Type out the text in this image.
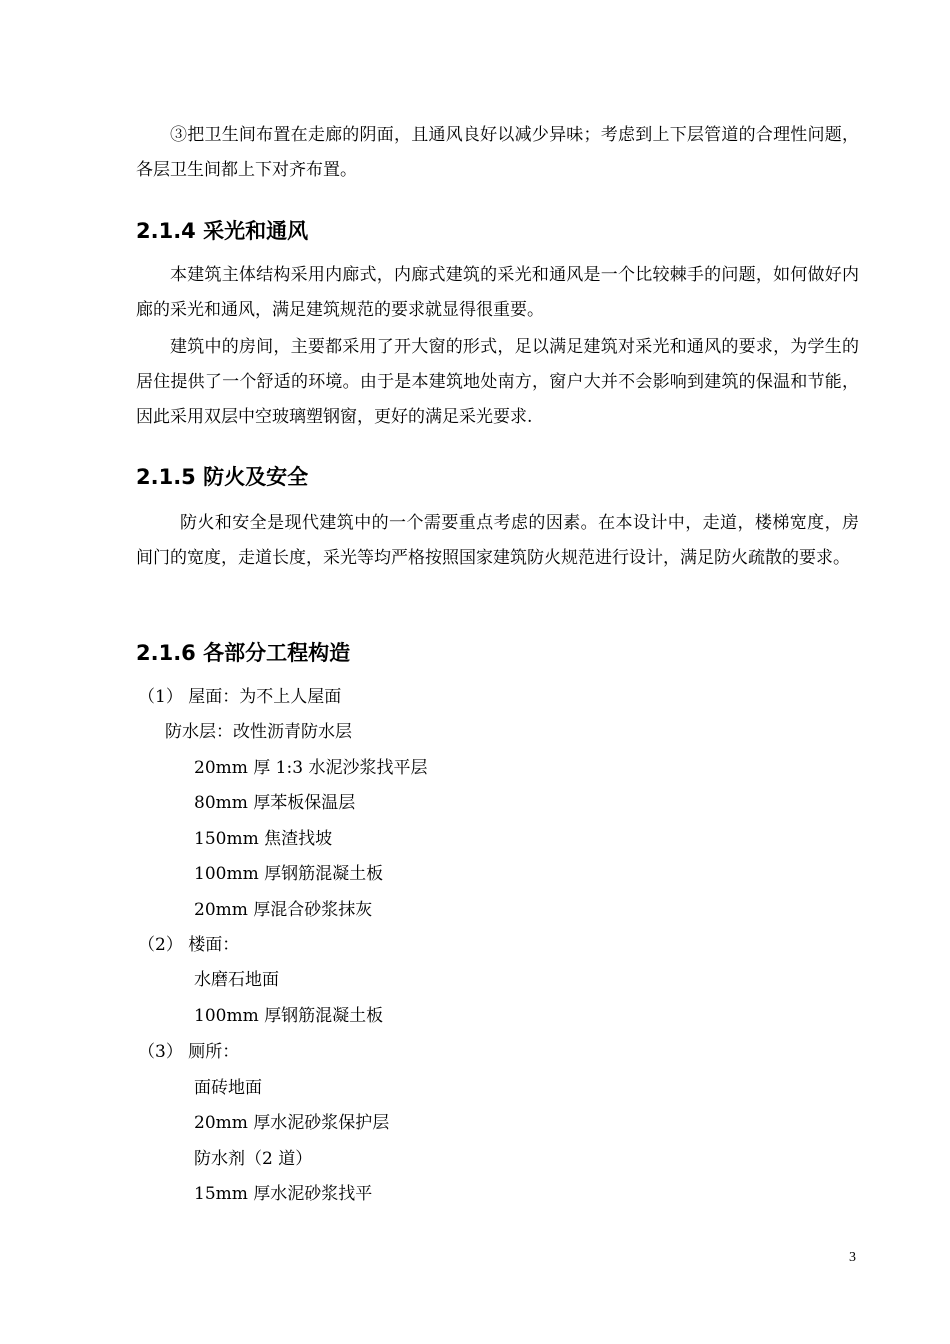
③把卫生间布置在走廊的阴面，且通风良好以减少异味；考虑到上下层管道的合理性问题，各层卫生间都上下对齐布置。
2.1.4 采光和通风
本建筑主体结构采用内廊式，内廊式建筑的采光和通风是一个比较棘手的问题，如何做好内廊的采光和通风，满足建筑规范的要求就显得很重要。
建筑中的房间，主要都采用了开大窗的形式，足以满足建筑对采光和通风的要求，为学生的居住提供了一个舒适的环境。由于是本建筑地处南方，窗户大并不会影响到建筑的保温和节能，因此采用双层中空玻璃塑钢窗，更好的满足采光要求.
2.1.5 防火及安全
防火和安全是现代建筑中的一个需要重点考虑的因素。在本设计中，走道，楼梯宽度，房间门的宽度，走道长度，采光等均严格按照国家建筑防火规范进行设计，满足防火疏散的要求。
2.1.6 各部分工程构造
（1） 屋面：为不上人屋面
防水层：改性沥青防水层
20mm 厚 1:3 水泥沙浆找平层
80mm 厚苯板保温层
150mm 焦渣找坡
100mm 厚钢筋混凝土板
20mm 厚混合砂浆抹灰
（2） 楼面：
水磨石地面
100mm 厚钢筋混凝土板
（3） 厕所：
面砖地面
20mm 厚水泥砂浆保护层
防水剂（2 道）
15mm 厚水泥砂浆找平
3
